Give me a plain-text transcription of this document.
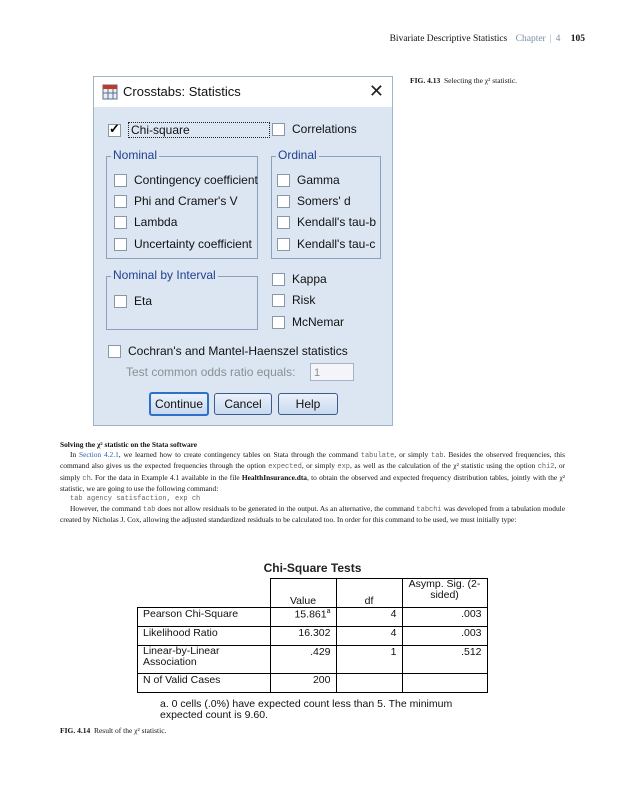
Bivariate Descriptive Statistics Chapter | 4 105
FIG. 4.13 Selecting the χ² statistic.
Crosstabs: Statistics	✕
✓
Chi-square	Correlations
Nominal
Contingency coefficient
Phi and Cramer's V
Lambda
Uncertainty coefficient
Ordinal
Gamma
Somers' d
Kendall's tau-b
Kendall's tau-c
Nominal by Interval
Eta
Kappa
Risk
McNemar
Cochran's and Mantel-Haenszel statistics
Test common odds ratio equals:	1
Continue	Cancel	Help

Solving the χ² statistic on the Stata software

In Section 4.2.1, we learned how to create contingency tables on Stata through the command tabulate, or simply tab. Besides the observed frequencies, this command also gives us the expected frequencies through the option expected, or simply exp, as well as the calculation of the χ² statistic using the option chi2, or simply ch. For the data in Example 4.1 available in the file HealthInsurance.dta, to obtain the observed and expected frequency distribution tables, jointly with the χ² statistic, we are going to use the following command:

tab agency satisfaction, exp ch

However, the command tab does not allow residuals to be generated in the output. As an alternative, the command tabchi was developed from a tabulation module created by Nicholas J. Cox, allowing the adjusted standardized residuals to be calculated too. In order for this command to be used, we must initially type:

Chi-Square Tests
	Value	df	Asymp. Sig. (2-sided)
Pearson Chi-Square	15.861$^a$	4	.003
Likelihood Ratio	16.302	4	.003
Linear-by-Linear Association	.429	1	.512
N of Valid Cases	200		
a. 0 cells (.0%) have expected count less than 5. The minimum expected count is 9.60.
FIG. 4.14 Result of the χ² statistic.
